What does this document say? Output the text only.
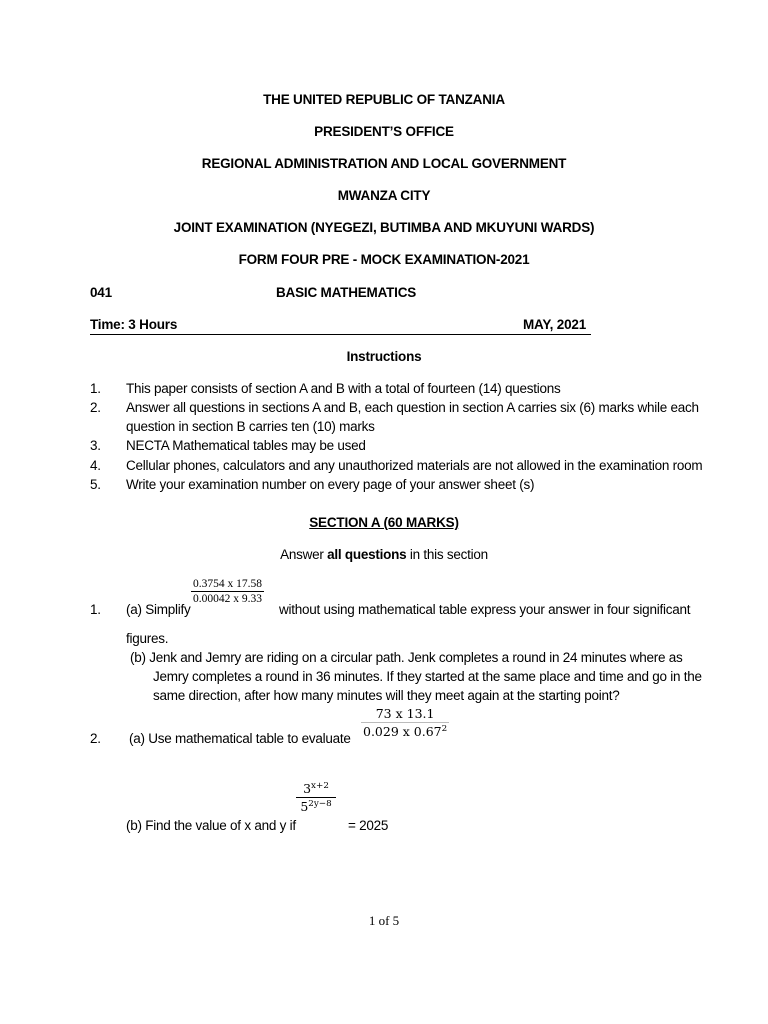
THE UNITED REPUBLIC OF TANZANIA
PRESIDENT’S OFFICE
REGIONAL ADMINISTRATION AND LOCAL GOVERNMENT
MWANZA CITY
JOINT EXAMINATION (NYEGEZI, BUTIMBA AND MKUYUNI WARDS)
FORM FOUR PRE - MOCK EXAMINATION-2021
041	BASIC MATHEMATICS
Time: 3 Hours	MAY, 2021
Instructions
1. This paper consists of section A and B with a total of fourteen (14) questions
2. Answer all questions in sections A and B, each question in section A carries six (6) marks while each
question in section B carries ten (10) marks
3. NECTA Mathematical tables may be used
4. Cellular phones, calculators and any unauthorized materials are not allowed in the examination room
5. Write your examination number on every page of your answer sheet (s)
SECTION A (60 MARKS)
Answer all questions in this section
1. (a) Simplify
0.3754 x 17.58
0.00042 x 9.33
without using mathematical table express your answer in four significant
figures.
(b) Jenk and Jemry are riding on a circular path. Jenk completes a round in 24 minutes where as
Jemry completes a round in 36 minutes. If they started at the same place and time and go in the
same direction, after how many minutes will they meet again at the starting point?
2. (a) Use mathematical table to evaluate
73 x 13.1
0.029 x 0.67$^2$
(b) Find the value of x and y if
$3^{x+2}$
$5^{2y-8}$
= 2025
1 of 5
